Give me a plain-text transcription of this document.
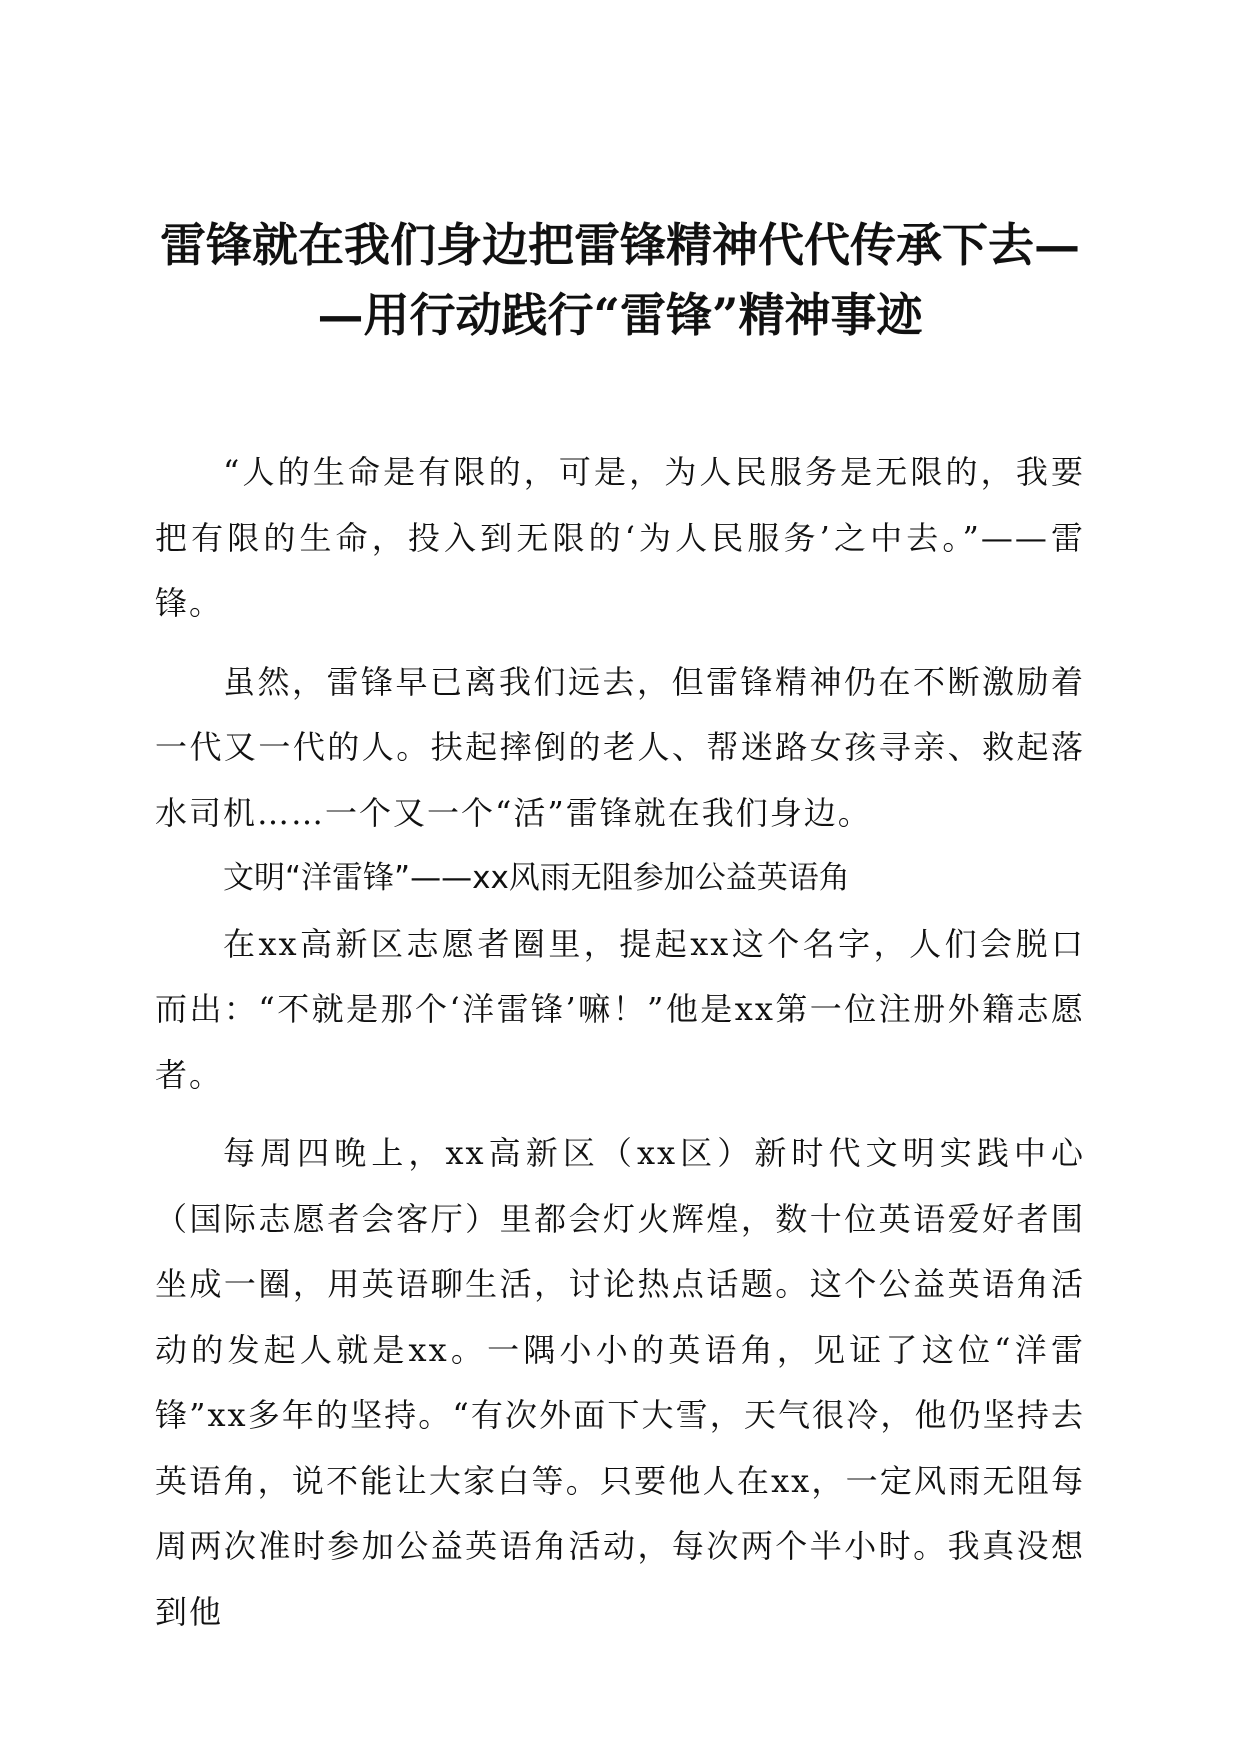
雷锋就在我们身边把雷锋精神代代传承下去—
—用行动践行“雷锋”精神事迹

“人的生命是有限的，可是，为人民服务是无限的，我要把有限的生命，投入到无限的‘为人民服务’之中去。”——雷锋。

虽然，雷锋早已离我们远去，但雷锋精神仍在不断激励着一代又一代的人。扶起摔倒的老人、帮迷路女孩寻亲、救起落水司机……一个又一个“活”雷锋就在我们身边。

文明“洋雷锋”——xx风雨无阻参加公益英语角

在xx高新区志愿者圈里，提起xx这个名字，人们会脱口而出：“不就是那个‘洋雷锋’嘛！”他是xx第一位注册外籍志愿者。

每周四晚上，xx高新区（xx区）新时代文明实践中心（国际志愿者会客厅）里都会灯火辉煌，数十位英语爱好者围坐成一圈，用英语聊生活，讨论热点话题。这个公益英语角活动的发起人就是xx。一隅小小的英语角，见证了这位“洋雷锋”xx多年的坚持。“有次外面下大雪，天气很冷，他仍坚持去英语角，说不能让大家白等。只要他人在xx，一定风雨无阻每周两次准时参加公益英语角活动，每次两个半小时。我真没想到他
